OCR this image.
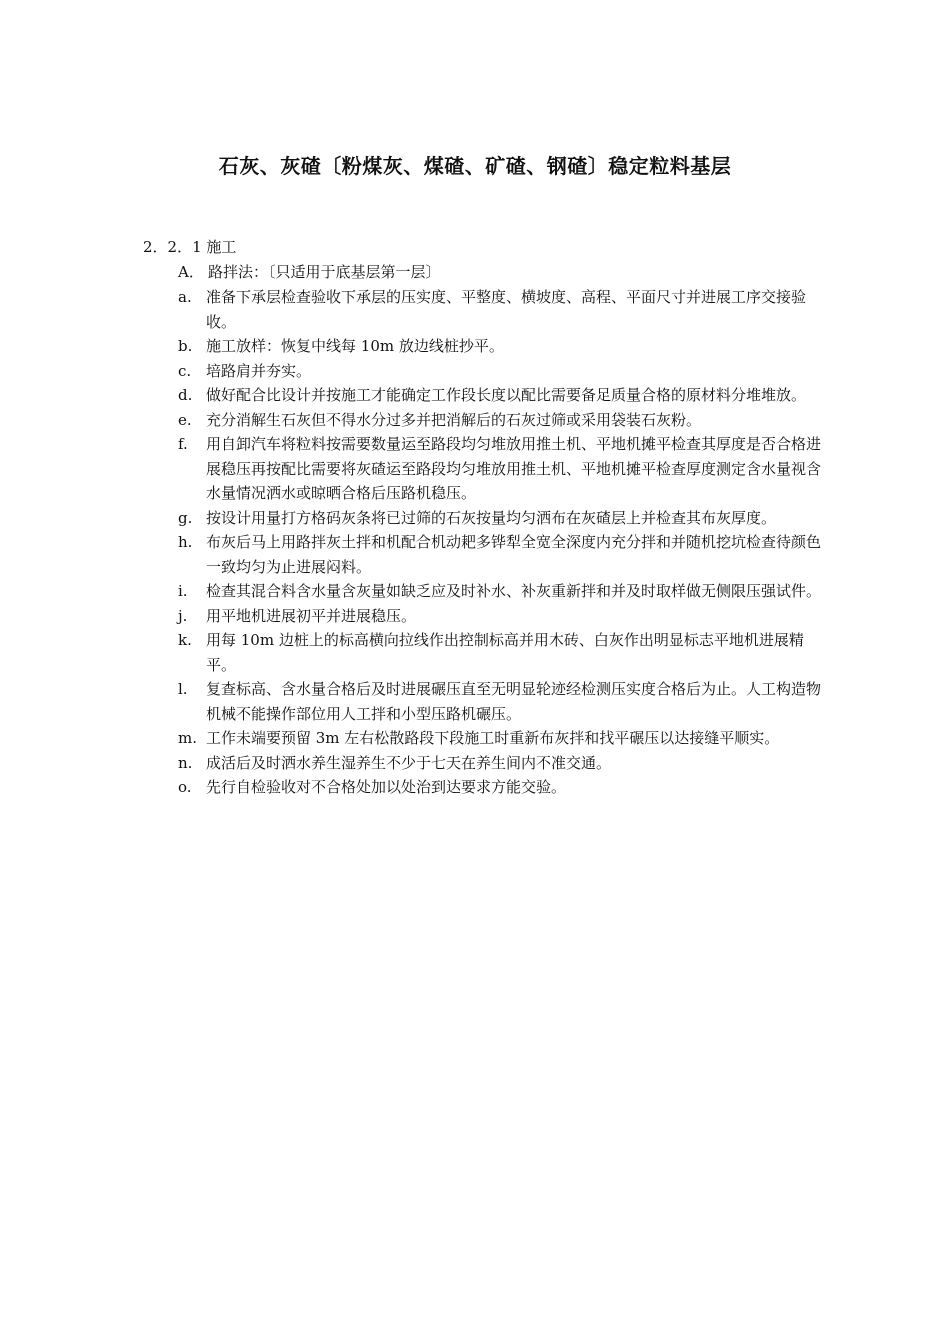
石灰、灰碴〔粉煤灰、煤碴、矿碴、钢碴〕稳定粒料基层
2．2．1 施工
A． 路拌法：〔只适用于底基层第一层〕
a. 准备下承层检查验收下承层的压实度、平整度、横坡度、高程、平面尺寸并进展工序交接验收。
b. 施工放样：恢复中线每 10m 放边线桩抄平。
c. 培路肩并夯实。
d. 做好配合比设计并按施工才能确定工作段长度以配比需要备足质量合格的原材料分堆堆放。
e. 充分消解生石灰但不得水分过多并把消解后的石灰过筛或采用袋装石灰粉。
f.	用自卸汽车将粒料按需要数量运至路段均匀堆放用推土机、平地机摊平检查其厚度是否合格进展稳压再按配比需要将灰碴运至路段均匀堆放用推土机、平地机摊平检查厚度测定含水量视含水量情况洒水或晾晒合格后压路机稳压。
g. 按设计用量打方格码灰条将已过筛的石灰按量均匀洒布在灰碴层上并检查其布灰厚度。
h. 布灰后马上用路拌灰土拌和机配合机动耙多铧犁全宽全深度内充分拌和并随机挖坑检查待颜色一致均匀为止进展闷料。
i.	检查其混合料含水量含灰量如缺乏应及时补水、补灰重新拌和并及时取样做无侧限压强试件。
j.	用平地机进展初平并进展稳压。
k. 用每 10m 边桩上的标高横向拉线作出控制标高并用木砖、白灰作出明显标志平地机进展精平。
l.	复查标高、含水量合格后及时进展碾压直至无明显轮迹经检测压实度合格后为止。人工构造物机械不能操作部位用人工拌和小型压路机碾压。
m. 工作未端要预留 3m 左右松散路段下段施工时重新布灰拌和找平碾压以达接缝平顺实。
n. 成活后及时洒水养生湿养生不少于七天在养生间内不准交通。
o. 先行自检验收对不合格处加以处治到达要求方能交验。
